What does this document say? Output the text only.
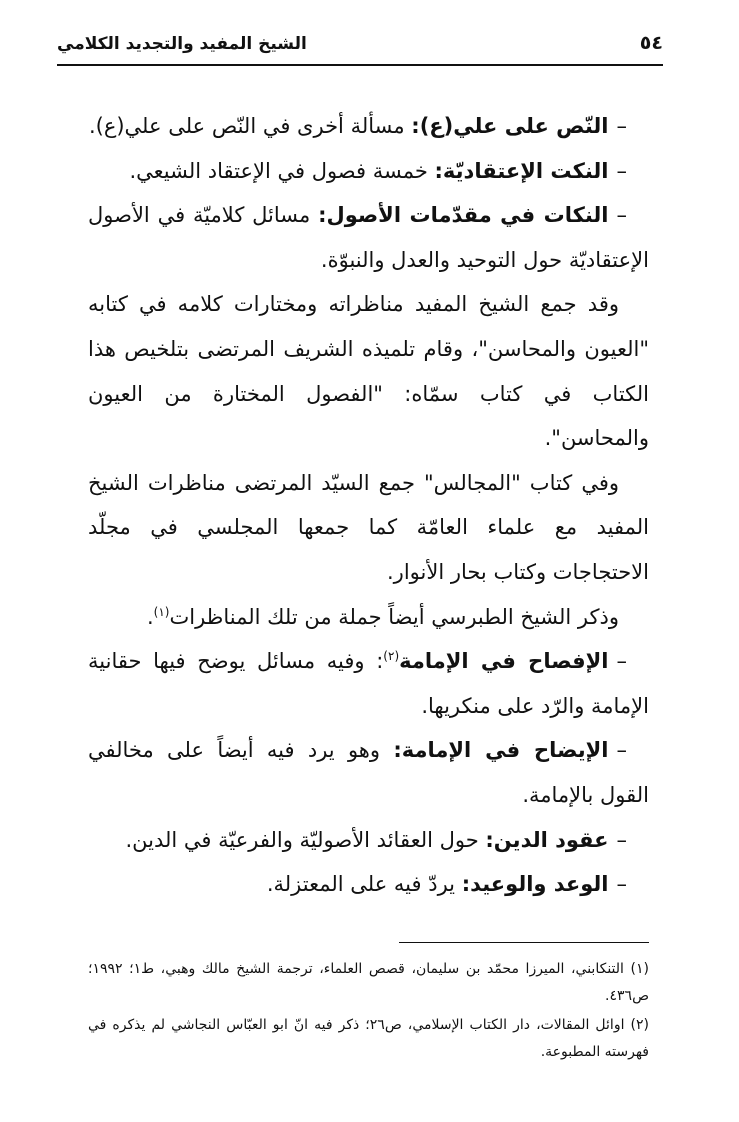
٥٤
الشيخ المفيد والتجديد الكلامي

–النّص على علي(ع): مسألة أخرى في النّص على علي(ع).

–النكت الإعتقاديّة: خمسة فصول في الإعتقاد الشيعي.

–النكات في مقدّمات الأصول: مسائل كلاميّة في الأصول الإعتقاديّة حول التوحيد والعدل والنبوّة.

وقد جمع الشيخ المفيد مناظراته ومختارات كلامه في كتابه "العيون والمحاسن"، وقام تلميذه الشريف المرتضى بتلخيص هذا الكتاب في كتاب سمّاه: "الفصول المختارة من العيون والمحاسن".

وفي كتاب "المجالس" جمع السيّد المرتضى مناظرات الشيخ المفيد مع علماء العامّة كما جمعها المجلسي في مجلّد الاحتجاجات وكتاب بحار الأنوار.

وذكر الشيخ الطبرسي أيضاً جملة من تلك المناظرات$^{(١)}$.

–الإفصاح في الإمامة$^{(٢)}$: وفيه مسائل يوضح فيها حقانية الإمامة والرّد على منكريها.

–الإيضاح في الإمامة: وهو يرد فيه أيضاً على مخالفي القول بالإمامة.

–عقود الدين: حول العقائد الأصوليّة والفرعيّة في الدين.

–الوعد والوعيد: يردّ فيه على المعتزلة.

(١) التنكابني، الميرزا محمّد بن سليمان، قصص العلماء، ترجمة الشيخ مالك وهبي، ط١؛ ١٩٩٢؛ ص٤٣٦.

(٢) اوائل المقالات، دار الكتاب الإسلامي، ص٢٦؛ ذكر فيه انّ ابو العبّاس النجاشي لم يذكره في فهرسته المطبوعة.
